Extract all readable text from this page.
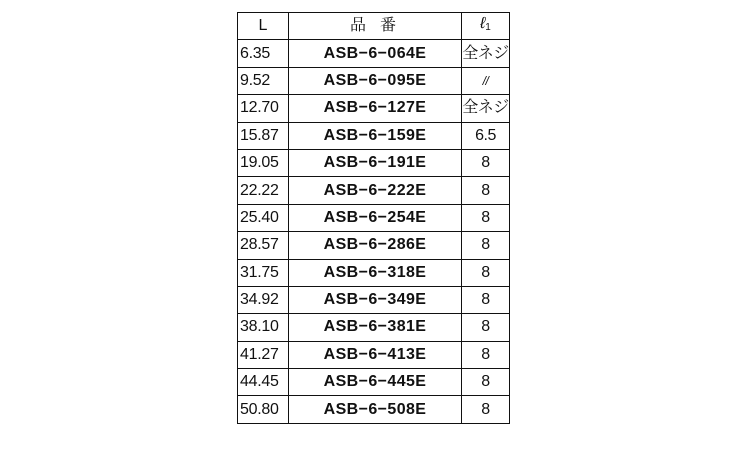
L	品番	ℓ$_1$
6.35	ASB−6−064E	全ネジ
9.52	ASB−6−095E	//
12.70	ASB−6−127E	全ネジ
15.87	ASB−6−159E	6.5
19.05	ASB−6−191E	8
22.22	ASB−6−222E	8
25.40	ASB−6−254E	8
28.57	ASB−6−286E	8
31.75	ASB−6−318E	8
34.92	ASB−6−349E	8
38.10	ASB−6−381E	8
41.27	ASB−6−413E	8
44.45	ASB−6−445E	8
50.80	ASB−6−508E	8
